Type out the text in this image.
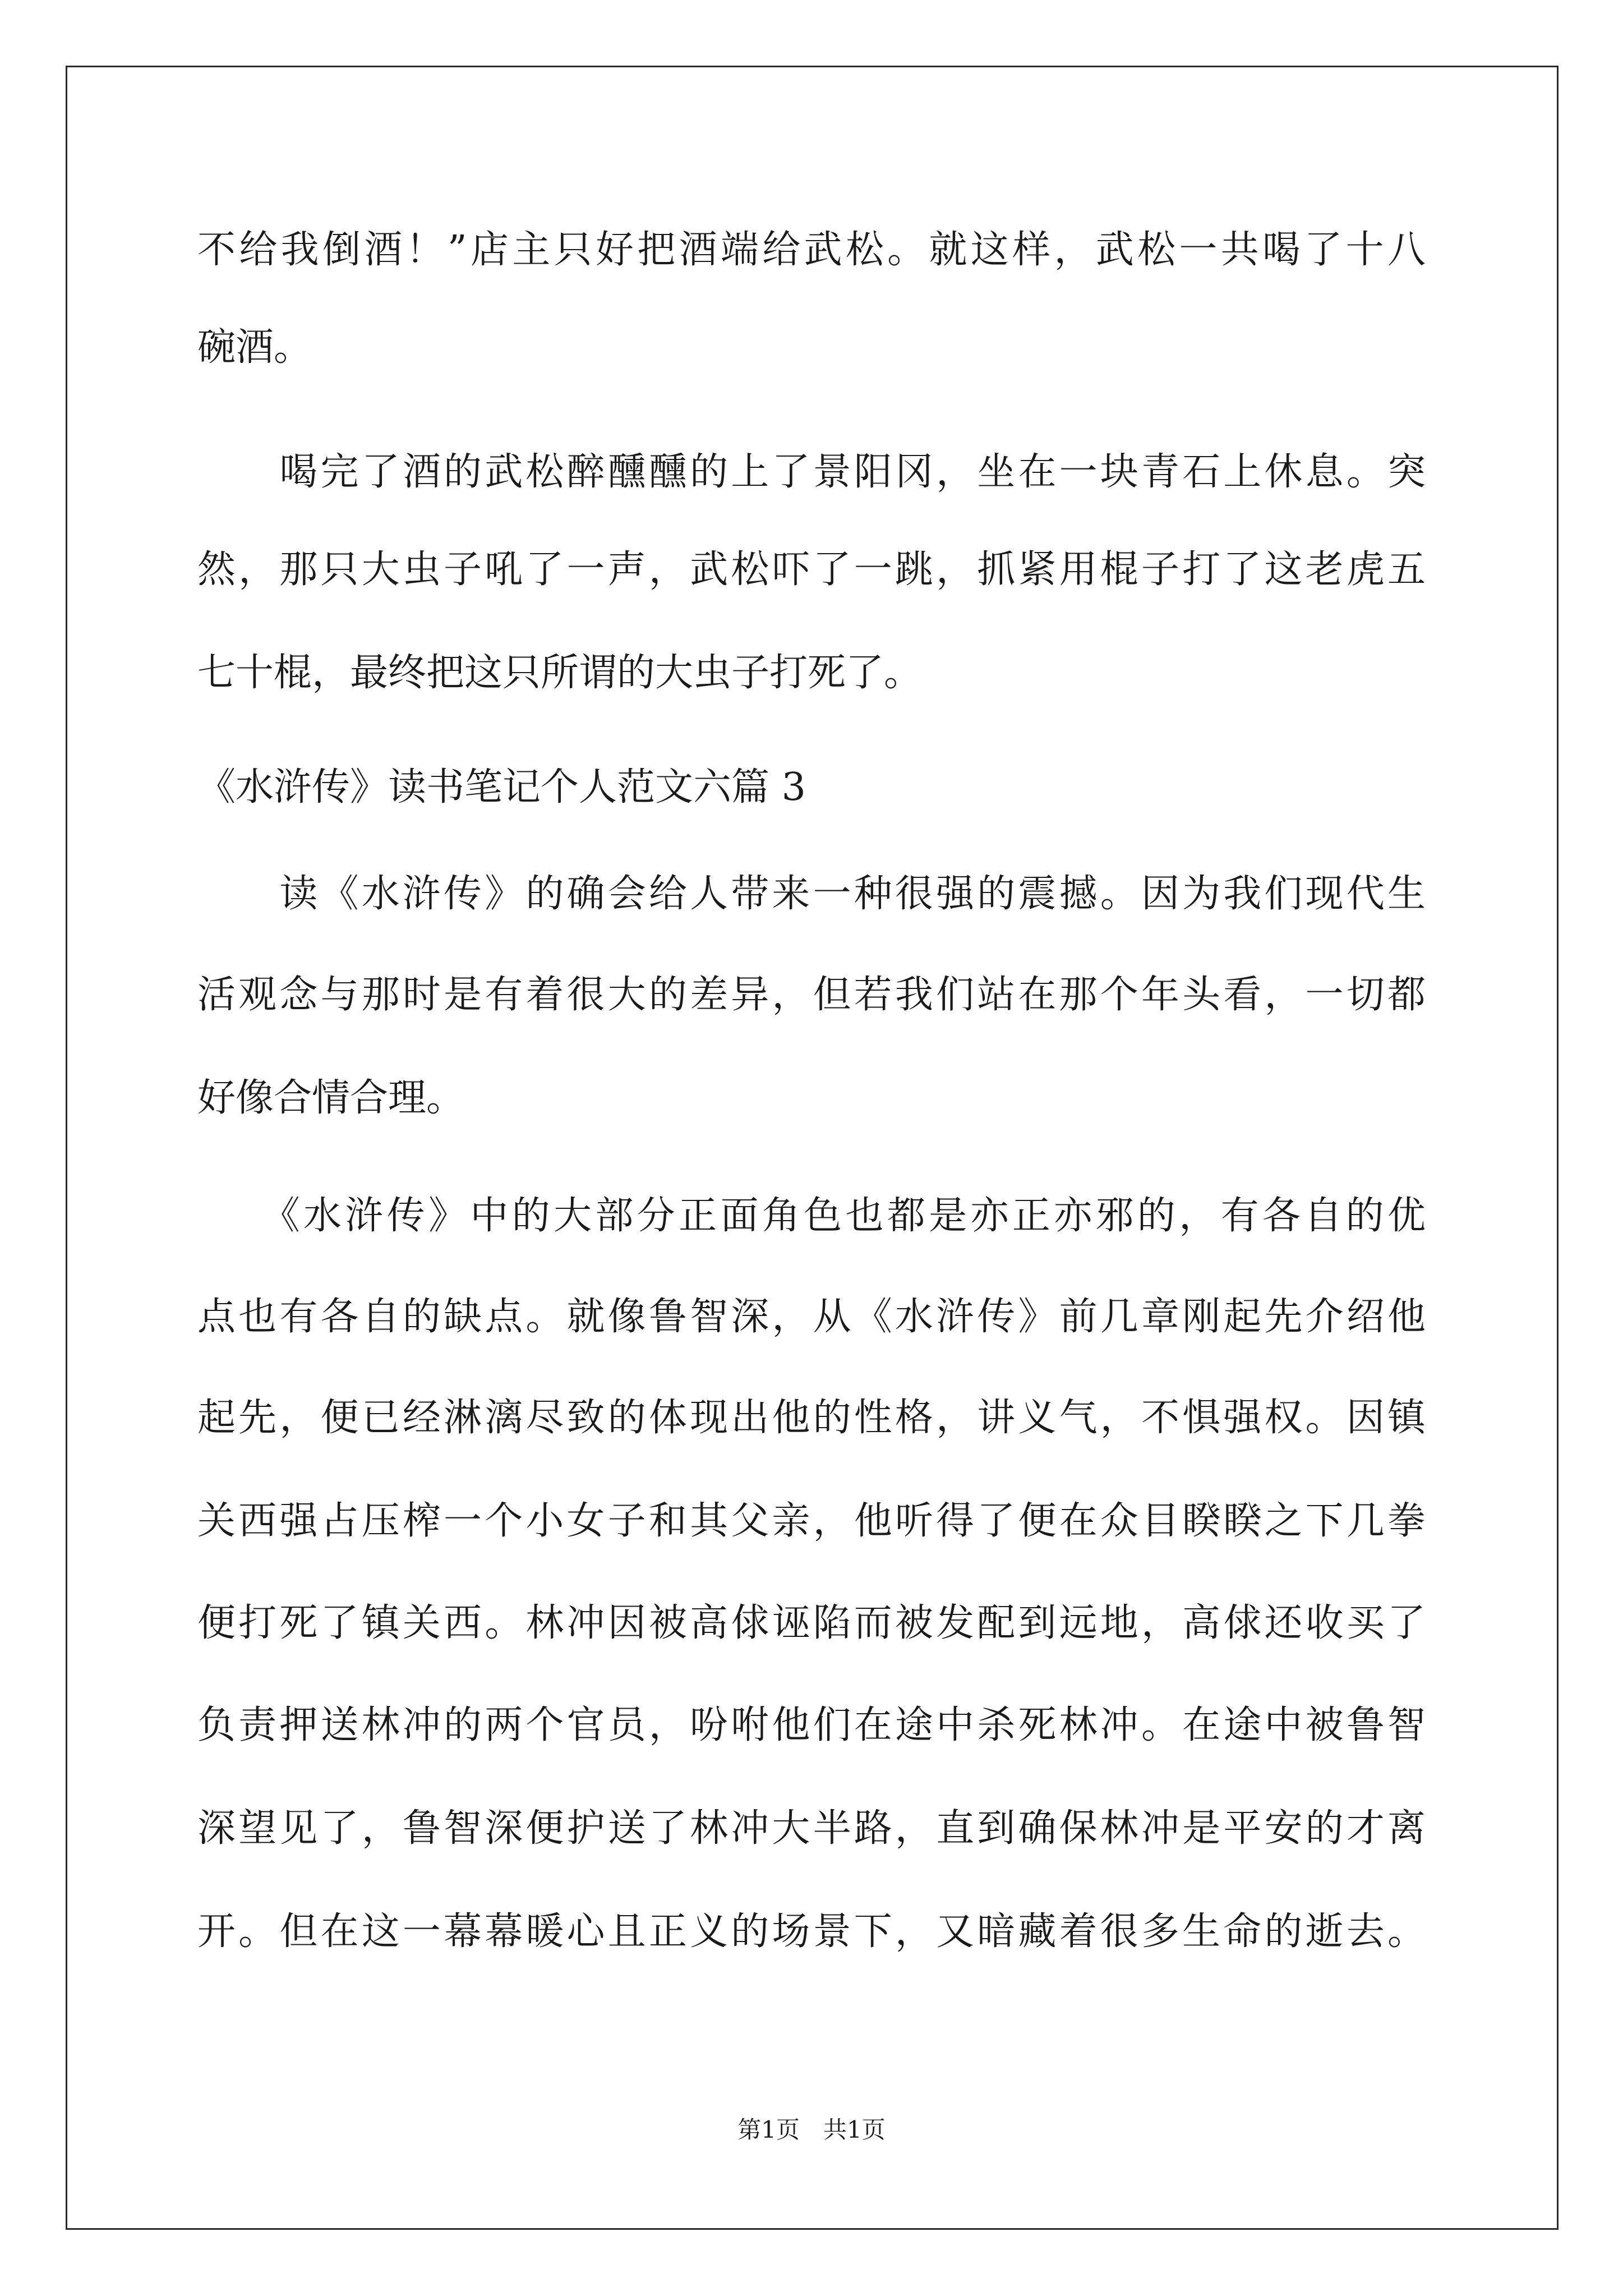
不给我倒酒！”店主只好把酒端给武松。就这样，武松一共喝了十八
碗酒。
　　喝完了酒的武松醉醺醺的上了景阳冈，坐在一块青石上休息。突
然，那只大虫子吼了一声，武松吓了一跳，抓紧用棍子打了这老虎五
七十棍，最终把这只所谓的大虫子打死了。
《水浒传》读书笔记个人范文六篇 3
　　读《水浒传》的确会给人带来一种很强的震撼。因为我们现代生
活观念与那时是有着很大的差异，但若我们站在那个年头看，一切都
好像合情合理。
　　《水浒传》中的大部分正面角色也都是亦正亦邪的，有各自的优
点也有各自的缺点。就像鲁智深，从《水浒传》前几章刚起先介绍他
起先，便已经淋漓尽致的体现出他的性格，讲义气，不惧强权。因镇
关西强占压榨一个小女子和其父亲，他听得了便在众目睽睽之下几拳
便打死了镇关西。林冲因被高俅诬陷而被发配到远地，高俅还收买了
负责押送林冲的两个官员，吩咐他们在途中杀死林冲。在途中被鲁智
深望见了，鲁智深便护送了林冲大半路，直到确保林冲是平安的才离
开。但在这一幕幕暖心且正义的场景下，又暗藏着很多生命的逝去。
第1页　共1页
